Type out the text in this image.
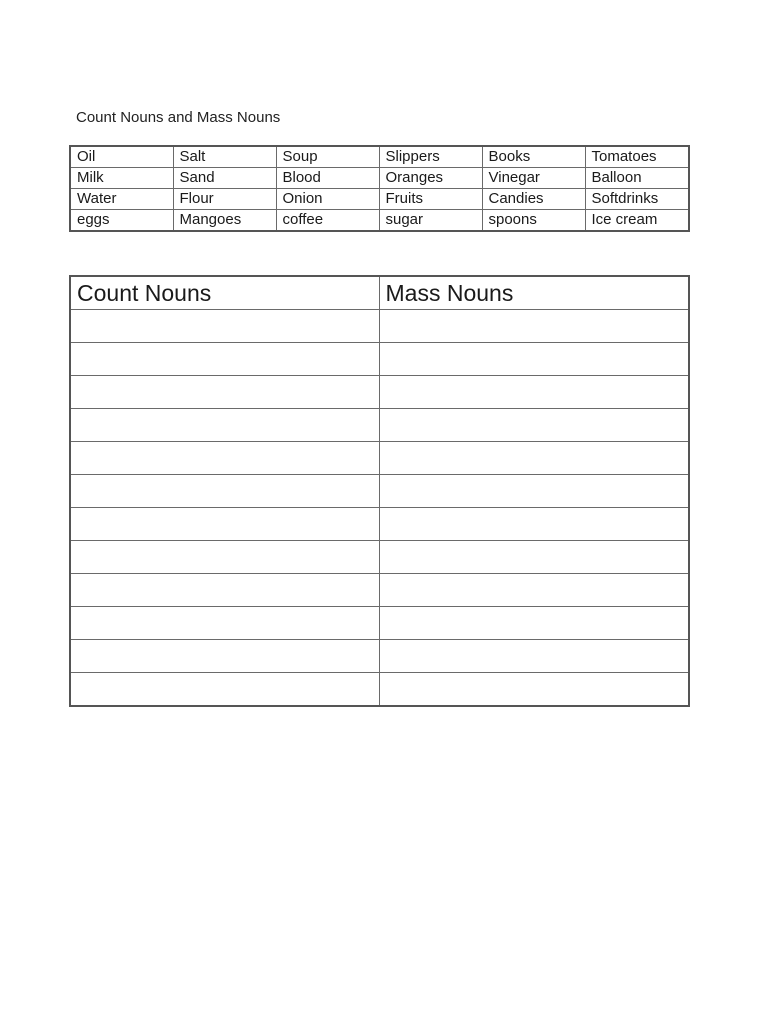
Count Nouns and Mass Nouns
Oil	Salt	Soup	Slippers	Books	Tomatoes
Milk	Sand	Blood	Oranges	Vinegar	Balloon
Water	Flour	Onion	Fruits	Candies	Softdrinks
eggs	Mangoes	coffee	sugar	spoons	Ice cream
Count Nouns	Mass Nouns
